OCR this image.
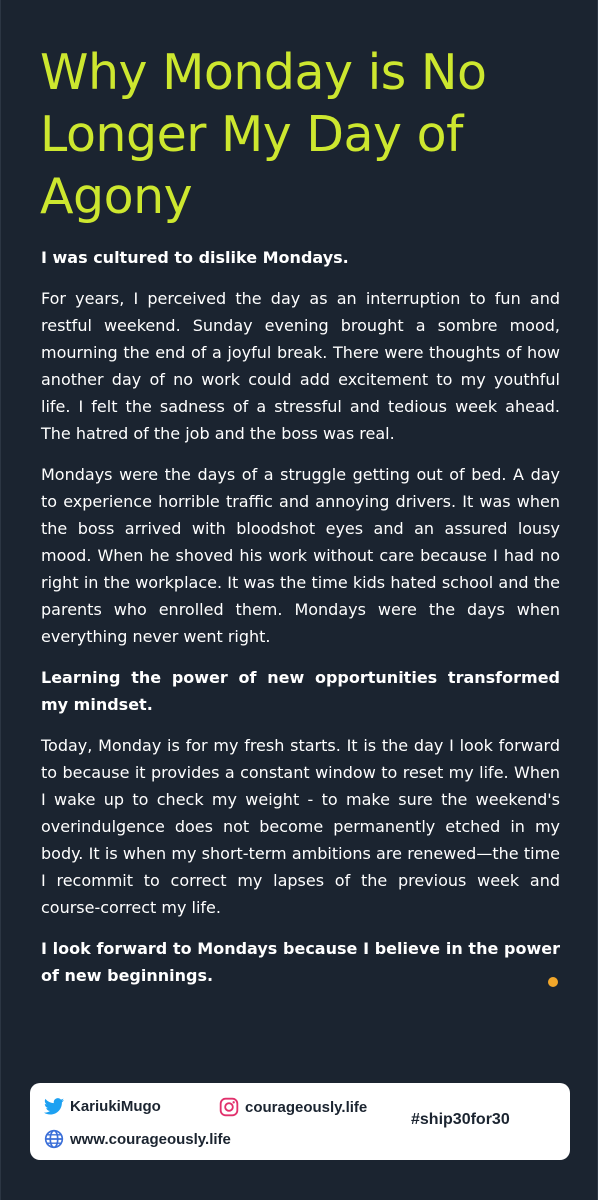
Why Monday is No Longer My Day of Agony

I was cultured to dislike Mondays.

For years, I perceived the day as an interruption to fun and restful weekend. Sunday evening brought a sombre mood, mourning the end of a joyful break. There were thoughts of how another day of no work could add excitement to my youthful life. I felt the sadness of a stressful and tedious week ahead. The hatred of the job and the boss was real.

Mondays were the days of a struggle getting out of bed. A day to experience horrible traffic and annoying drivers. It was when the boss arrived with bloodshot eyes and an assured lousy mood. When he shoved his work without care because I had no right in the workplace. It was the time kids hated school and the parents who enrolled them. Mondays were the days when everything never went right.

Learning the power of new opportunities transformed my mindset.

Today, Monday is for my fresh starts. It is the day I look forward to because it provides a constant window to reset my life. When I wake up to check my weight - to make sure the weekend's overindulgence does not become permanently etched in my body. It is when my short-term ambitions are renewed—the time I recommit to correct my lapses of the previous week and course-correct my life.

I look forward to Mondays because I believe in the power of new beginnings.

KariukiMugo	courageously.life
www.courageously.life
#ship30for30
